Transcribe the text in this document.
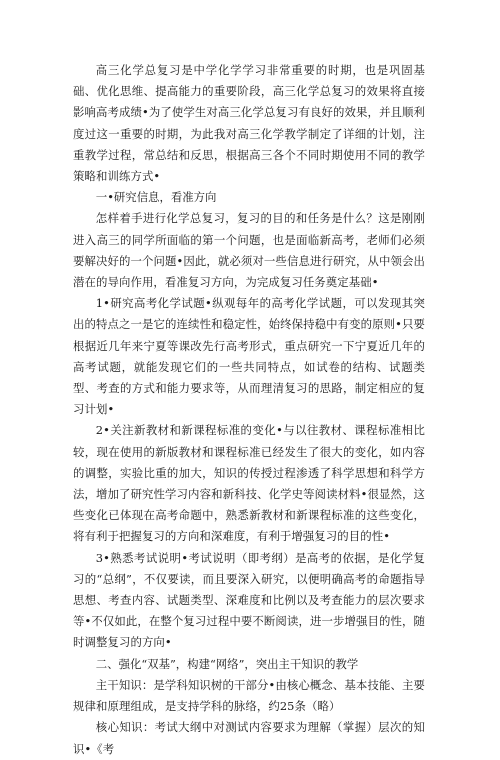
高三化学总复习是中学化学学习非常重要的时期，也是巩固基础、优化思维、提高能力的重要阶段，高三化学总复习的效果将直接影响高考成绩•为了使学生对高三化学总复习有良好的效果，并且顺利度过这一重要的时期，为此我对高三化学教学制定了详细的计划，注重教学过程，常总结和反思，根据高三各个不同时期使用不同的教学策略和训练方式•

一•研究信息，看准方向

怎样着手进行化学总复习，复习的目的和任务是什么？这是刚刚进入高三的同学所面临的第一个问题，也是面临新高考，老师们必须要解决好的一个问题•因此，就必须对一些信息进行研究，从中领会出潜在的导向作用，看准复习方向，为完成复习任务奠定基础•

1•研究高考化学试题•纵观每年的高考化学试题，可以发现其突出的特点之一是它的连续性和稳定性，始终保持稳中有变的原则•只要根据近几年来宁夏等课改先行高考形式，重点研究一下宁夏近几年的高考试题，就能发现它们的一些共同特点，如试卷的结构、试题类型、考查的方式和能力要求等，从而理清复习的思路，制定相应的复习计划•

2•关注新教材和新课程标准的变化•与以往教材、课程标准相比较，现在使用的新版教材和课程标准已经发生了很大的变化，如内容的调整，实验比重的加大，知识的传授过程渗透了科学思想和科学方法，增加了研究性学习内容和新科技、化学史等阅读材料•很显然，这些变化已体现在高考命题中，熟悉新教材和新课程标准的这些变化，将有利于把握复习的方向和深难度，有利于增强复习的目的性•

3•熟悉考试说明•考试说明（即考纲）是高考的依据，是化学复习的“总纲”，不仅要读，而且要深入研究，以便明确高考的命题指导思想、考查内容、试题类型、深难度和比例以及考查能力的层次要求等•不仅如此，在整个复习过程中要不断阅读，进一步增强目的性，随时调整复习的方向•

二、强化“双基”，构建“网络”，突出主干知识的教学

主干知识：是学科知识树的干部分•由核心概念、基本技能、主要规律和原理组成，是支持学科的脉络，约25条（略）

核心知识：考试大纲中对测试内容要求为理解（掌握）层次的知识•《考
